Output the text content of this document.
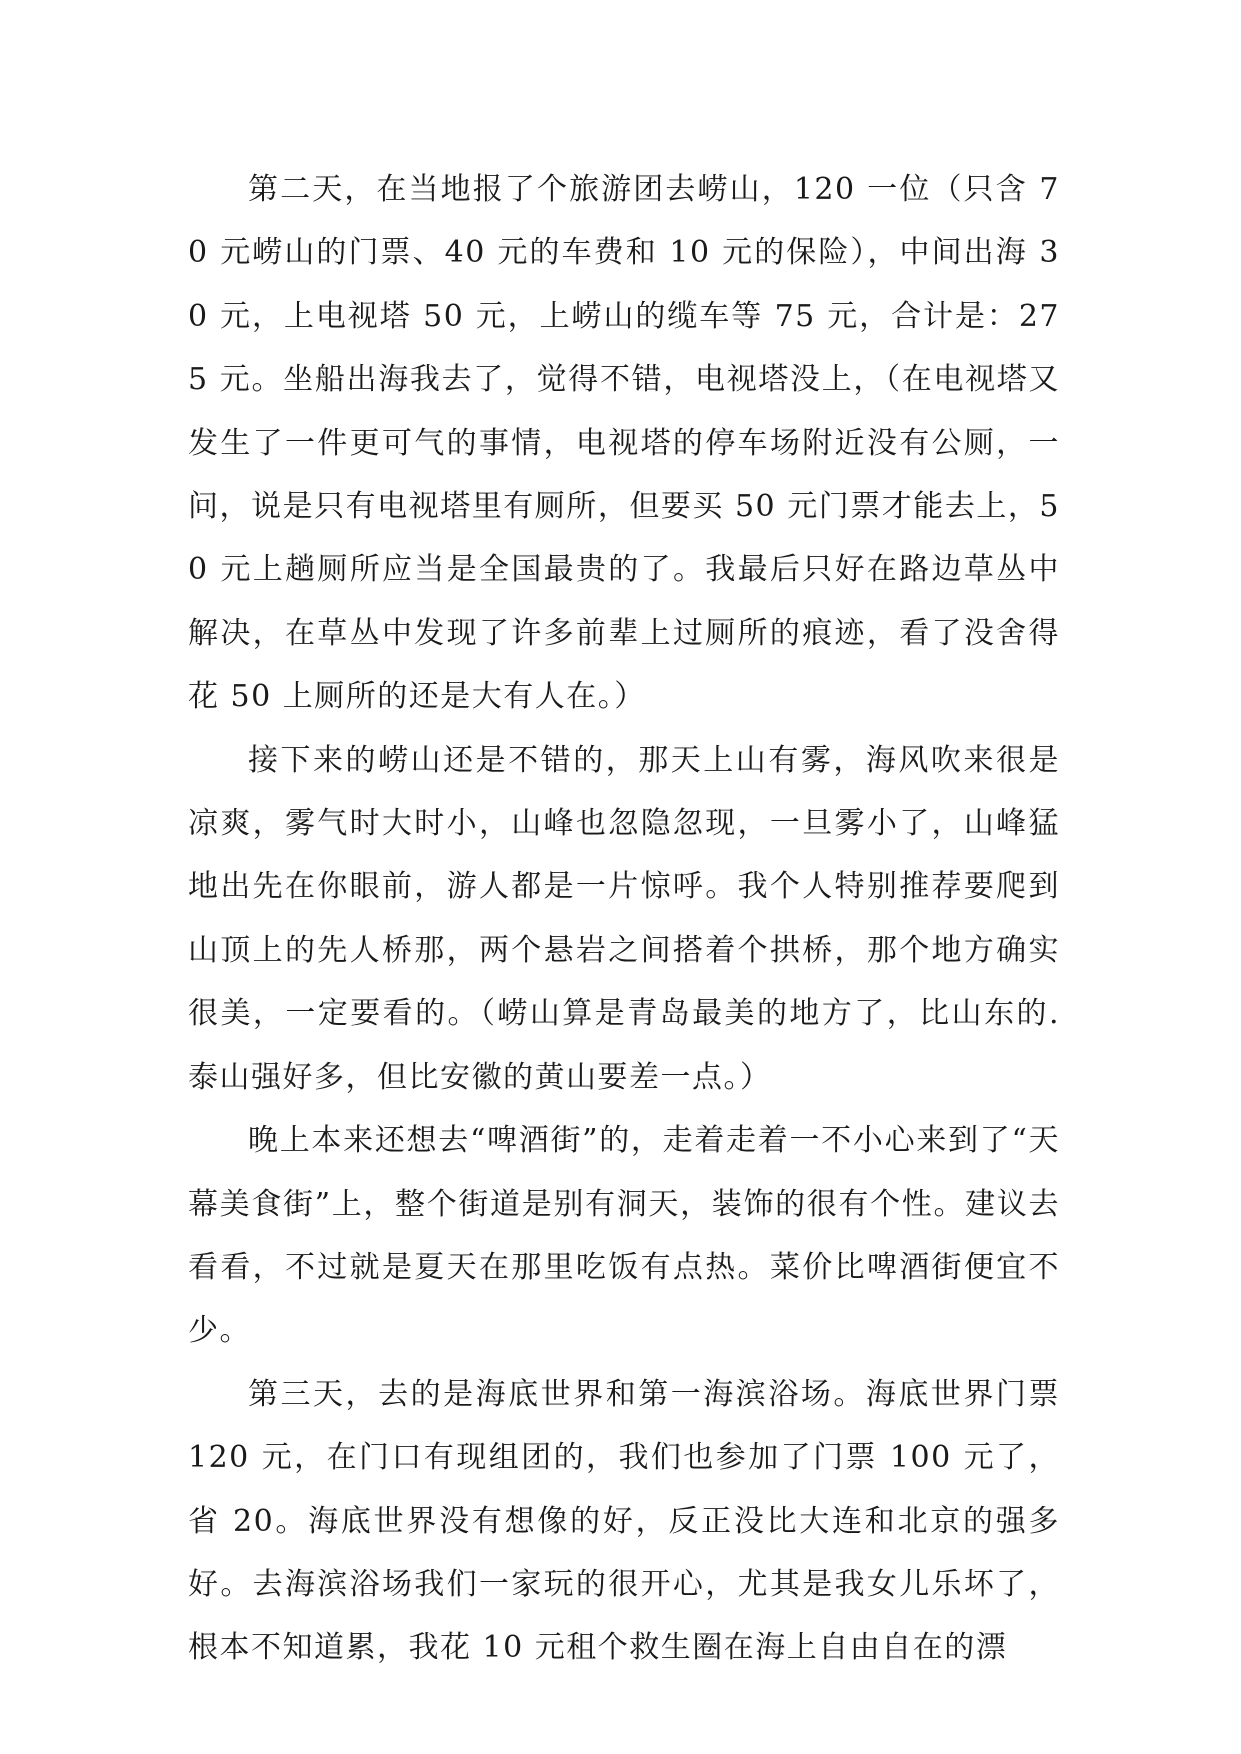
第二天，在当地报了个旅游团去崂山，120 一位（只含 70 元崂山的门票、40 元的车费和 10 元的保险），中间出海 30 元，上电视塔 50 元，上崂山的缆车等 75 元，合计是：275 元。坐船出海我去了，觉得不错，电视塔没上，（在电视塔又发生了一件更可气的事情，电视塔的停车场附近没有公厕，一问，说是只有电视塔里有厕所，但要买 50 元门票才能去上，50 元上趟厕所应当是全国最贵的了。我最后只好在路边草丛中解决，在草丛中发现了许多前辈上过厕所的痕迹，看了没舍得花 50 上厕所的还是大有人在。）

接下来的崂山还是不错的，那天上山有雾，海风吹来很是凉爽，雾气时大时小，山峰也忽隐忽现，一旦雾小了，山峰猛地出先在你眼前，游人都是一片惊呼。我个人特别推荐要爬到山顶上的先人桥那，两个悬岩之间搭着个拱桥，那个地方确实很美，一定要看的。（崂山算是青岛最美的地方了，比山东的.泰山强好多，但比安徽的黄山要差一点。）

晚上本来还想去“啤酒街”的，走着走着一不小心来到了“天幕美食街”上，整个街道是别有洞天，装饰的很有个性。建议去看看，不过就是夏天在那里吃饭有点热。菜价比啤酒街便宜不少。

第三天，去的是海底世界和第一海滨浴场。海底世界门票 120 元，在门口有现组团的，我们也参加了门票 100 元了，省 20。海底世界没有想像的好，反正没比大连和北京的强多好。去海滨浴场我们一家玩的很开心，尤其是我女儿乐坏了，根本不知道累，我花 10 元租个救生圈在海上自由自在的漂
